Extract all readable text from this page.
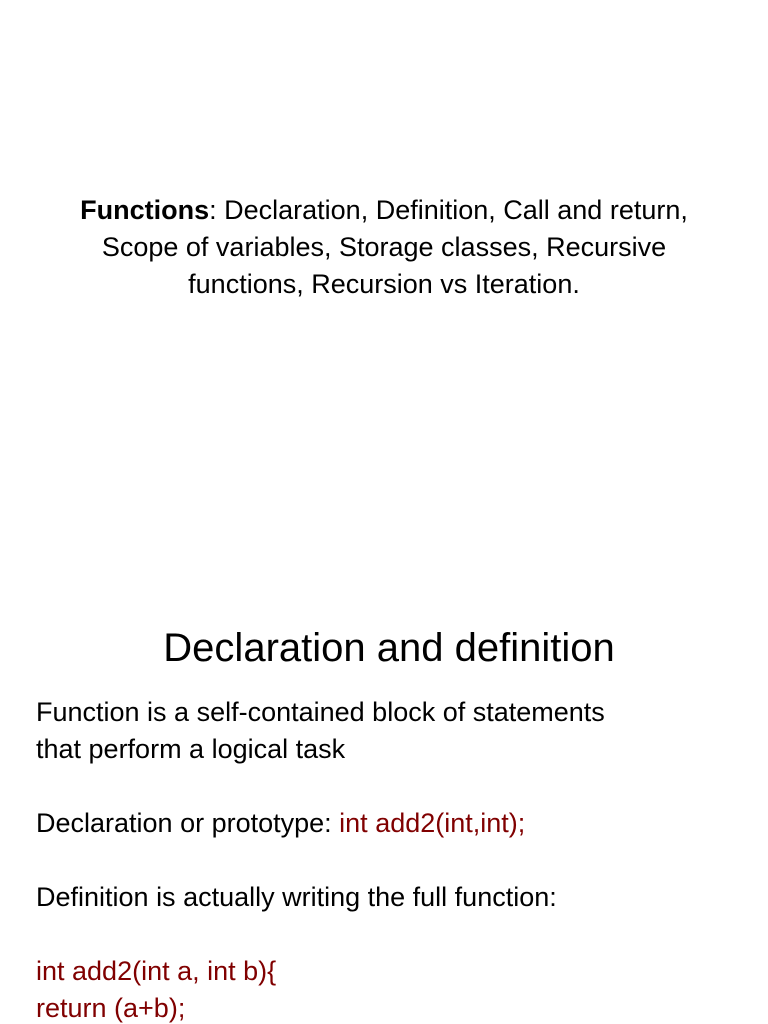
Functions: Declaration, Definition, Call and return, Scope of variables, Storage classes, Recursive functions, Recursion vs Iteration.
Declaration and definition
Function is a self-contained block of statements
that perform a logical task
Declaration or prototype: int add2(int,int);
Definition is actually writing the full function:
int add2(int a, int b){
return (a+b);
